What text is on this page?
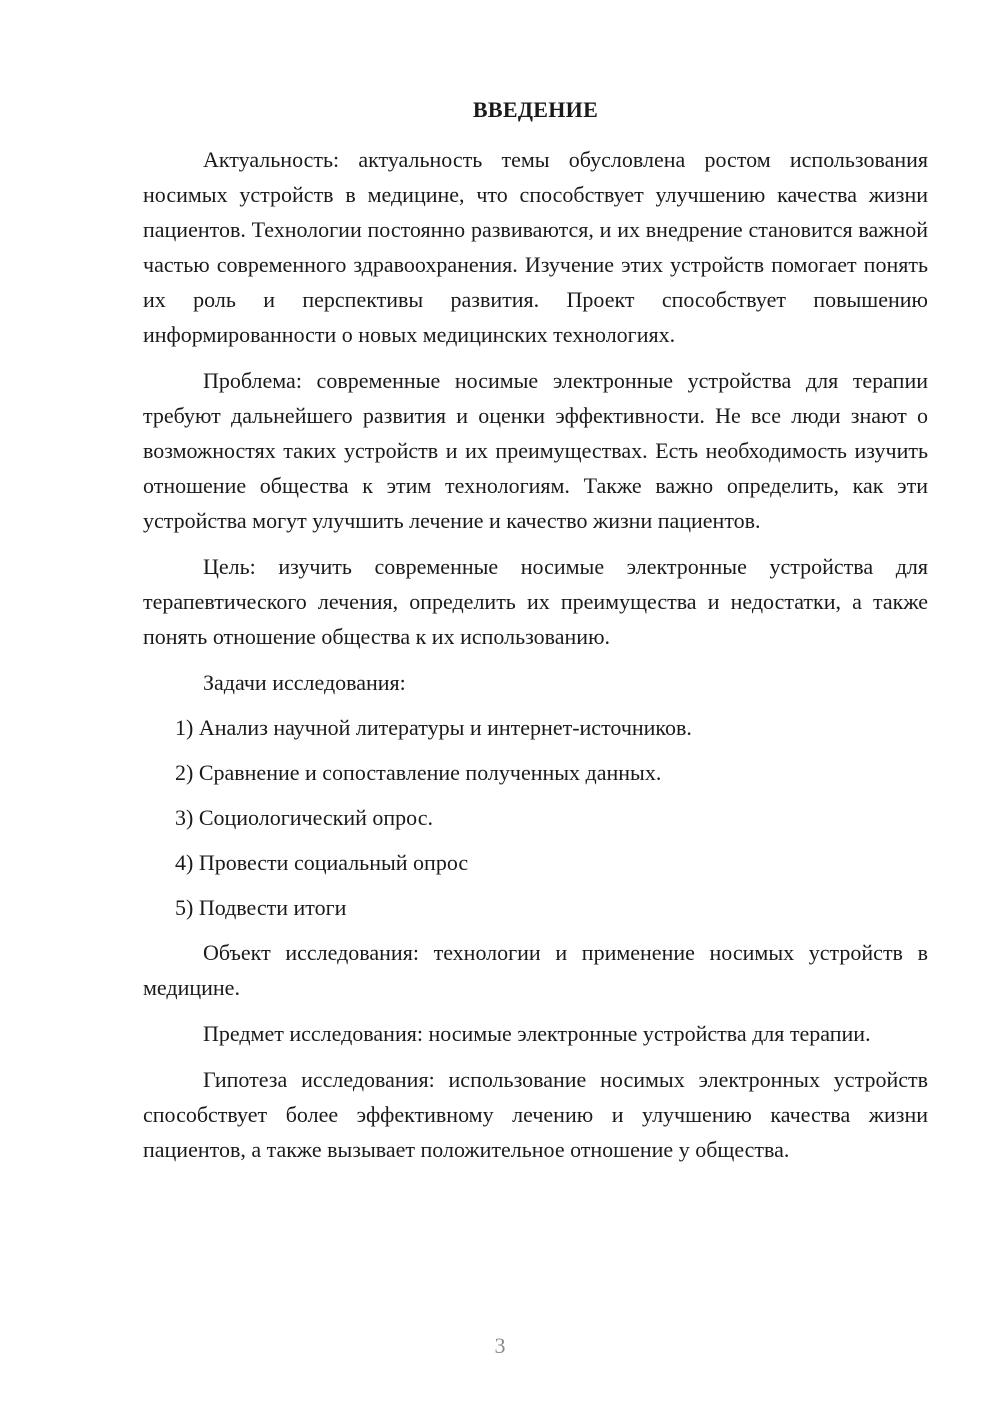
ВВЕДЕНИЕ

Актуальность: актуальность темы обусловлена ростом использования носимых устройств в медицине, что способствует улучшению качества жизни пациентов. Технологии постоянно развиваются, и их внедрение становится важной частью современного здравоохранения. Изучение этих устройств помогает понять их роль и перспективы развития. Проект способствует повышению информированности о новых медицинских технологиях.

Проблема: современные носимые электронные устройства для терапии требуют дальнейшего развития и оценки эффективности. Не все люди знают о возможностях таких устройств и их преимуществах. Есть необходимость изучить отношение общества к этим технологиям. Также важно определить, как эти устройства могут улучшить лечение и качество жизни пациентов.

Цель: изучить современные носимые электронные устройства для терапевтического лечения, определить их преимущества и недостатки, а также понять отношение общества к их использованию.

Задачи исследования:

1) Анализ научной литературы и интернет-источников.
2) Сравнение и сопоставление полученных данных.
3) Социологический опрос.
4) Провести социальный опрос
5) Подвести итоги

Объект исследования: технологии и применение носимых устройств в медицине.

Предмет исследования: носимые электронные устройства для терапии.

Гипотеза исследования: использование носимых электронных устройств способствует более эффективному лечению и улучшению качества жизни пациентов, а также вызывает положительное отношение у общества.

3
